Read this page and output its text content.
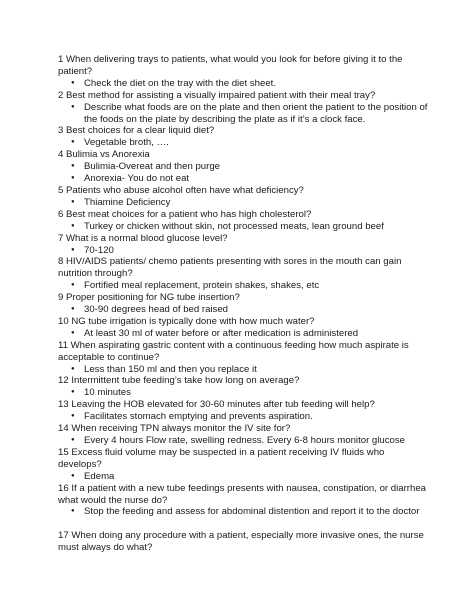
1 When delivering trays to patients, what would you look for before giving it to the patient?

● Check the diet on the tray with the diet sheet.

2 Best method for assisting a visually impaired patient with their meal tray?

● Describe what foods are on the plate and then orient the patient to the position of the foods on the plate by describing the plate as if it’s a clock face.

3 Best choices for a clear liquid diet?

● Vegetable broth, ….

4 Bulimia vs Anorexia

● Bulimia-Overeat and then purge
● Anorexia- You do not eat

5 Patients who abuse alcohol often have what deficiency?

● Thiamine Deficiency

6 Best meat choices for a patient who has high cholesterol?

● Turkey or chicken without skin, not processed meats, lean ground beef

7 What is a normal blood glucose level?

● 70-120

8 HIV/AIDS patients/ chemo patients presenting with sores in the mouth can gain nutrition through?

● Fortified meal replacement, protein shakes, shakes, etc

9 Proper positioning for NG tube insertion?

● 30-90 degrees head of bed raised

10 NG tube irrigation is typically done with how much water?

● At least 30 ml of water before or after medication is administered

11 When aspirating gastric content with a continuous feeding how much aspirate is acceptable to continue?

● Less than 150 ml and then you replace it

12 Intermittent tube feeding’s take how long on average?

● 10 minutes

13 Leaving the HOB elevated for 30-60 minutes after tub feeding will help?

● Facilitates stomach emptying and prevents aspiration.

14 When receiving TPN always monitor the IV site for?

● Every 4 hours Flow rate, swelling redness. Every 6-8 hours monitor glucose

15 Excess fluid volume may be suspected in a patient receiving IV fluids who develops?

● Edema

16 If a patient with a new tube feedings presents with nausea, constipation, or diarrhea what would the nurse do?

● Stop the feeding and assess for abdominal distention and report it to the doctor

17 When doing any procedure with a patient, especially more invasive ones, the nurse must always do what?
